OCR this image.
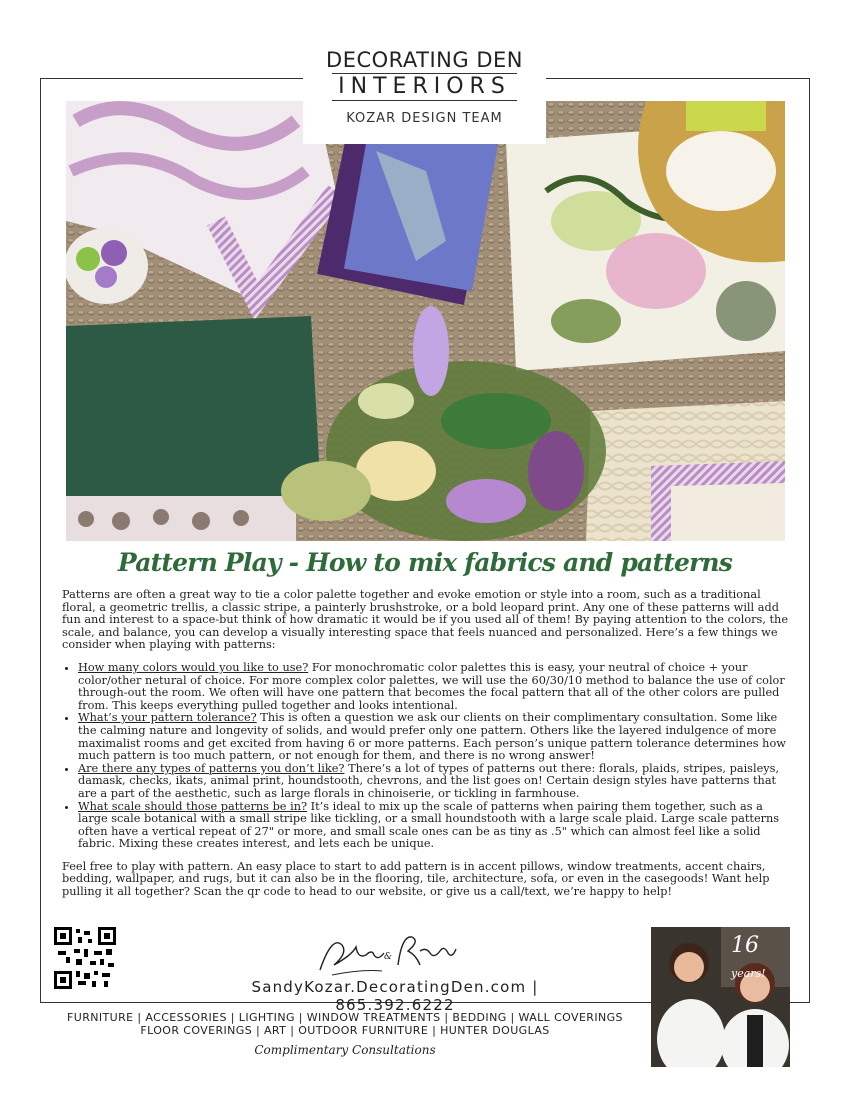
DECORATING DEN
INTERIORS
KOZAR DESIGN TEAM
Pattern Play - How to mix fabrics and patterns

Patterns are often a great way to tie a color palette together and evoke emotion or style into a room, such as a traditional floral, a geometric trellis, a classic stripe, a painterly brushstroke, or a bold leopard print. Any one of these patterns will add fun and interest to a space-but think of how dramatic it would be if you used all of them! By paying attention to the colors, the scale, and balance, you can develop a visually interesting space that feels nuanced and personalized. Here’s a few things we consider when playing with patterns:

• How many colors would you like to use? For monochromatic color palettes this is easy, your neutral of choice + your color/other netural of choice. For more complex color palettes, we will use the 60/30/10 method to balance the use of color through-out the room. We often will have one pattern that becomes the focal pattern that all of the other colors are pulled from. This keeps everything pulled together and looks intentional.
• What’s your pattern tolerance? This is often a question we ask our clients on their complimentary consultation. Some like the calming nature and longevity of solids, and would prefer only one pattern. Others like the layered indulgence of more maximalist rooms and get excited from having 6 or more patterns. Each person’s unique pattern tolerance determines how much pattern is too much pattern, or not enough for them, and there is no wrong answer!
• Are there any types of patterns you don’t like? There’s a lot of types of patterns out there: florals, plaids, stripes, paisleys, damask, checks, ikats, animal print, houndstooth, chevrons, and the list goes on! Certain design styles have patterns that are a part of the aesthetic, such as large florals in chinoiserie, or tickling in farmhouse.
• What scale should those patterns be in? It’s ideal to mix up the scale of patterns when pairing them together, such as a large scale botanical with a small stripe like tickling, or a small houndstooth with a large scale plaid. Large scale patterns often have a vertical repeat of 27" or more, and small scale ones can be as tiny as .5" which can almost feel like a solid fabric. Mixing these creates interest, and lets each be unique.

Feel free to play with pattern. An easy place to start to add pattern is in accent pillows, window treatments, accent chairs, bedding, wallpaper, and rugs, but it can also be in the flooring, tile, architecture, sofa, or even in the casegoods! Want help pulling it all together? Scan the qr code to head to our website, or give us a call/text, we’re happy to help!

&
SandyKozar.DecoratingDen.com | 865.392.6222
16 years!
FURNITURE | ACCESSORIES | LIGHTING | WINDOW TREATMENTS | BEDDING | WALL COVERINGS
FLOOR COVERINGS | ART | OUTDOOR FURNITURE | HUNTER DOUGLAS
Complimentary Consultations
